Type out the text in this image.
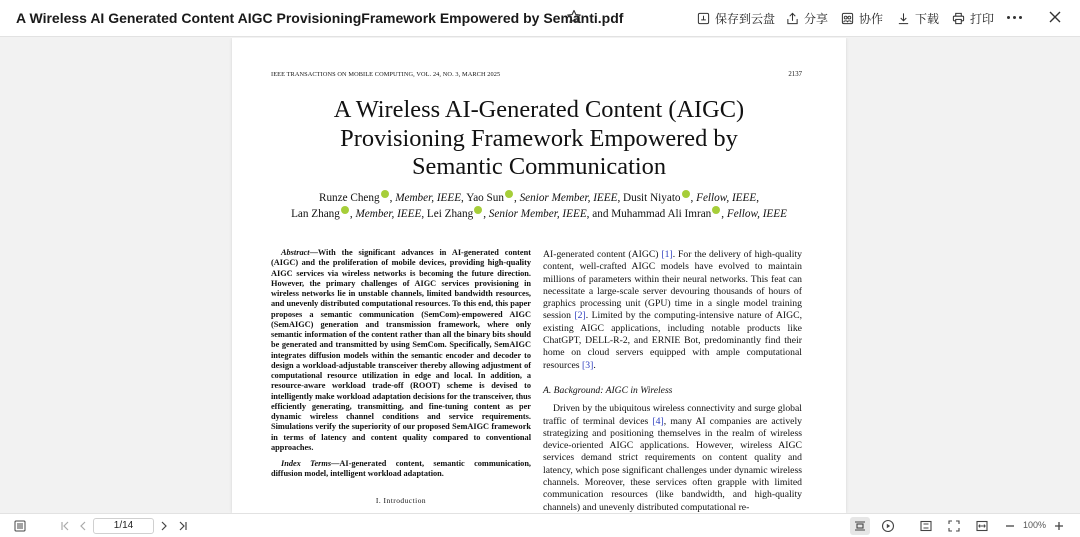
A Wireless AI Generated Content AIGC ProvisioningFramework Empowered by Semanti.pdf	保存到云盘 分享	协作	下载	打印
IEEE TRANSACTIONS ON MOBILE COMPUTING, VOL. 24, NO. 3, MARCH 2025	2137
A Wireless AI-Generated Content (AIGC)
Provisioning Framework Empowered by
Semantic Communication
Runze Cheng , Member, IEEE, Yao Sun , Senior Member, IEEE, Dusit Niyato , Fellow, IEEE,
Lan Zhang , Member, IEEE, Lei Zhang , Senior Member, IEEE, and Muhammad Ali Imran , Fellow, IEEE

Abstract—With the significant advances in AI-generated content (AIGC) and the proliferation of mobile devices, providing high-quality AIGC services via wireless networks is becoming the future direction. However, the primary challenges of AIGC services provisioning in wireless networks lie in unstable channels, limited bandwidth resources, and unevenly distributed computational resources. To this end, this paper proposes a semantic communication (SemCom)-empowered AIGC (SemAIGC) generation and transmission framework, where only semantic information of the content rather than all the binary bits should be generated and transmitted by using SemCom. Specifically, SemAIGC integrates diffusion models within the semantic encoder and decoder to design a workload-adjustable transceiver thereby allowing adjustment of computational resource utilization in edge and local. In addition, a resource-aware workload trade-off (ROOT) scheme is devised to intelligently make workload adaptation decisions for the transceiver, thus efficiently generating, transmitting, and fine-tuning content as per dynamic wireless channel conditions and service requirements. Simulations verify the superiority of our proposed SemAIGC framework in terms of latency and content quality compared to conventional approaches.

Index Terms—AI-generated content, semantic communication, diffusion model, intelligent workload adaptation.

I. Introduction

AI-generated content (AIGC) [1]. For the delivery of high-quality content, well-crafted AIGC models have evolved to maintain millions of parameters within their neural networks. This feat can necessitate a large-scale server devouring thousands of hours of graphics processing unit (GPU) time in a single model training session [2]. Limited by the computing-intensive nature of AIGC, existing AIGC applications, including notable products like ChatGPT, DELL-R-2, and ERNIE Bot, predominantly find their home on cloud servers equipped with ample computational resources [3].

A. Background: AIGC in Wireless

Driven by the ubiquitous wireless connectivity and surge global traffic of terminal devices [4], many AI companies are actively strategizing and positioning themselves in the realm of wireless device-oriented AIGC applications. However, wireless AIGC services demand strict requirements on content quality and latency, which pose significant challenges under dynamic wireless channels. Moreover, these services often grapple with limited communication resources (like bandwidth, and high-quality channels) and unevenly distributed computational re-

1/14	100%
